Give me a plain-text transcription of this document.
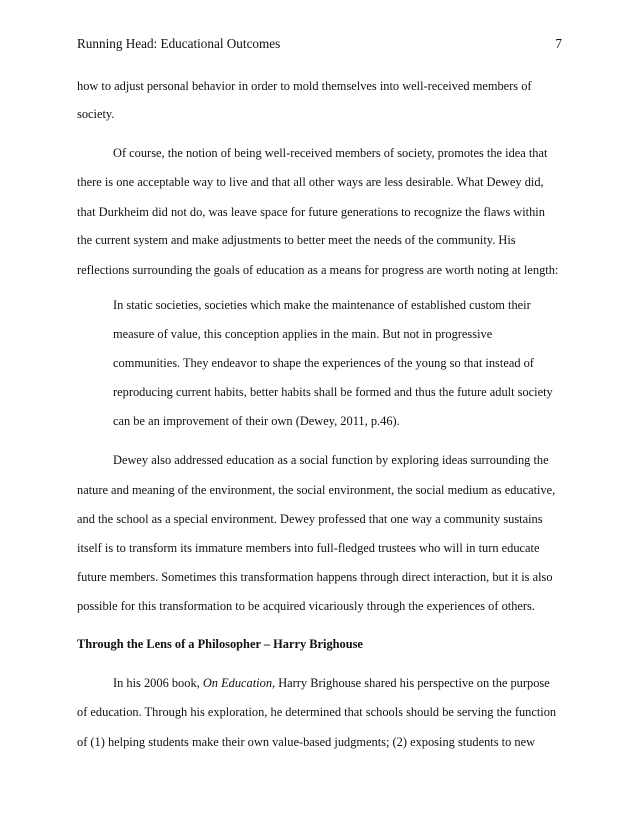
Running Head: Educational Outcomes	7
how to adjust personal behavior in order to mold themselves into well-received members of
society.
Of course, the notion of being well-received members of society, promotes the idea that
there is one acceptable way to live and that all other ways are less desirable. What Dewey did,
that Durkheim did not do, was leave space for future generations to recognize the flaws within
the current system and make adjustments to better meet the needs of the community. His
reflections surrounding the goals of education as a means for progress are worth noting at length:
In static societies, societies which make the maintenance of established custom their
measure of value, this conception applies in the main. But not in progressive
communities. They endeavor to shape the experiences of the young so that instead of
reproducing current habits, better habits shall be formed and thus the future adult society
can be an improvement of their own (Dewey, 2011, p.46).
Dewey also addressed education as a social function by exploring ideas surrounding the
nature and meaning of the environment, the social environment, the social medium as educative,
and the school as a special environment. Dewey professed that one way a community sustains
itself is to transform its immature members into full-fledged trustees who will in turn educate
future members. Sometimes this transformation happens through direct interaction, but it is also
possible for this transformation to be acquired vicariously through the experiences of others.
Through the Lens of a Philosopher – Harry Brighouse
In his 2006 book, On Education, Harry Brighouse shared his perspective on the purpose
of education. Through his exploration, he determined that schools should be serving the function
of (1) helping students make their own value-based judgments; (2) exposing students to new
